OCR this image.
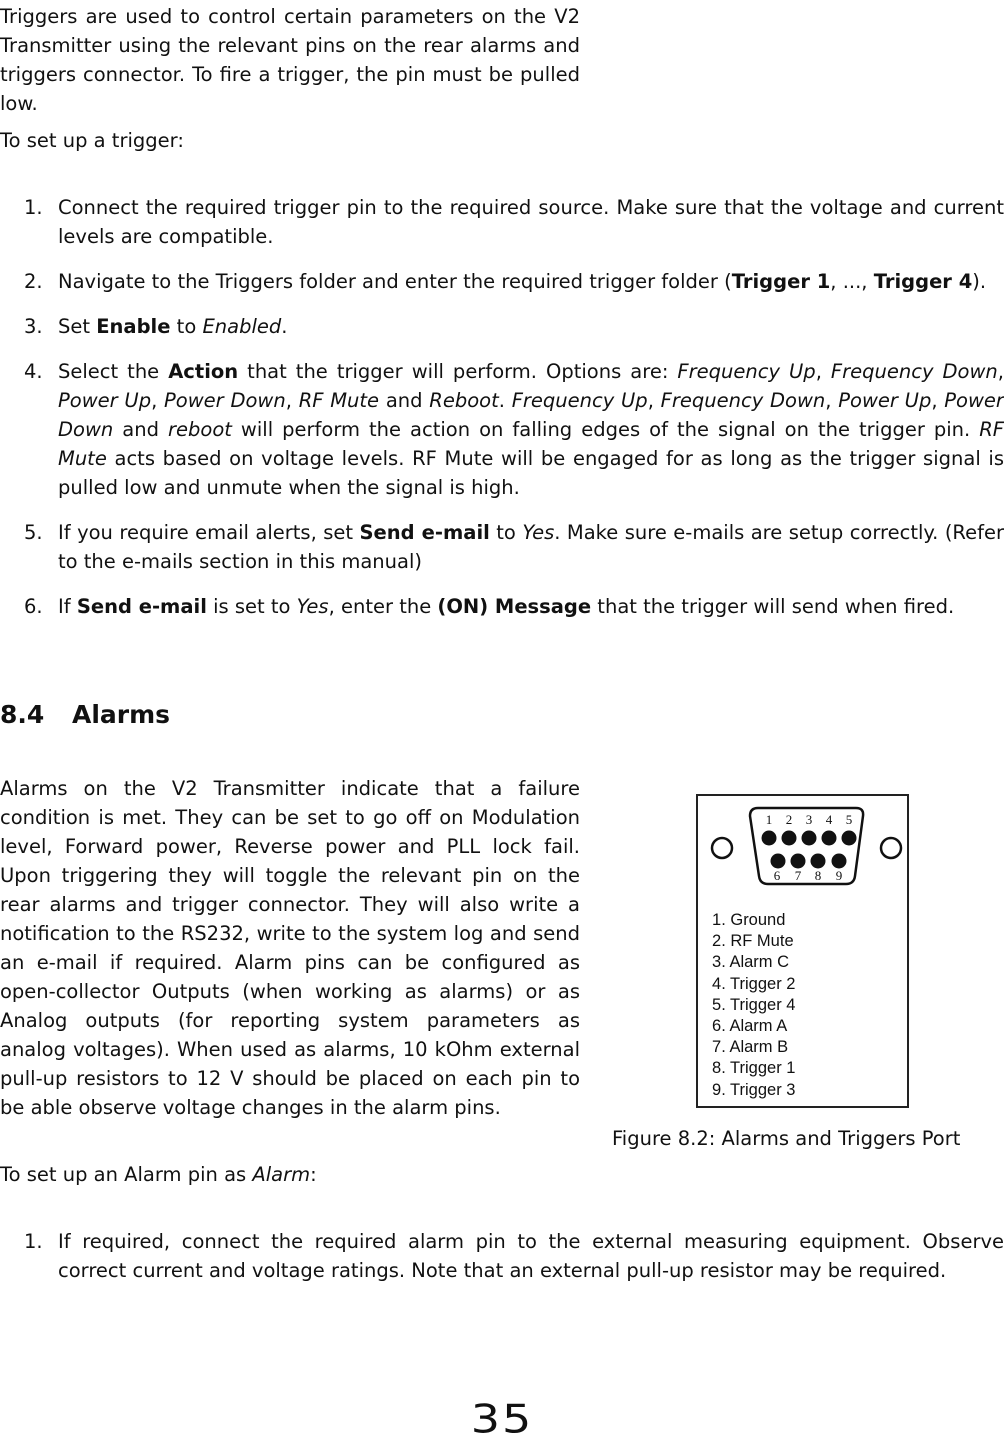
Triggers are used to control certain parameters on the V2 Transmitter using the relevant pins on the rear alarms and triggers connector. To fire a trigger, the pin must be pulled low.

To set up a trigger:

1. Connect the required trigger pin to the required source. Make sure that the voltage and current levels are compatible.
2. Navigate to the Triggers folder and enter the required trigger folder (Trigger 1, ..., Trigger 4).
3. Set Enable to Enabled.
4. Select the Action that the trigger will perform. Options are: Frequency Up, Frequency Down, Power Up, Power Down, RF Mute and Reboot. Frequency Up, Frequency Down, Power Up, Power Down and reboot will perform the action on falling edges of the signal on the trigger pin. RF Mute acts based on voltage levels. RF Mute will be engaged for as long as the trigger signal is pulled low and unmute when the signal is high.
5. If you require email alerts, set Send e-mail to Yes. Make sure e-mails are setup correctly. (Refer to the e-mails section in this manual)
6. If Send e-mail is set to Yes, enter the (ON) Message that the trigger will send when fired.
8.4 Alarms

Alarms on the V2 Transmitter indicate that a failure condition is met. They can be set to go off on Modulation level, Forward power, Reverse power and PLL lock fail. Upon triggering they will toggle the relevant pin on the rear alarms and trigger connector. They will also write a notification to the RS232, write to the system log and send an e-mail if required. Alarm pins can be configured as open-collector Outputs (when working as alarms) or as Analog outputs (for reporting system parameters as analog voltages). When used as alarms, 10 kOhm external pull-up resistors to 12 V should be placed on each pin to be able observe voltage changes in the alarm pins.

1 2 3 4 5
6 7 8 9
1. Ground
2. RF Mute
3. Alarm C
4. Trigger 2
5. Trigger 4
6. Alarm A
7. Alarm B
8. Trigger 1
9. Trigger 3

Figure 8.2: Alarms and Triggers Port

To set up an Alarm pin as Alarm:

1. If required, connect the required alarm pin to the external measuring equipment. Observe correct current and voltage ratings. Note that an external pull-up resistor may be required.

35
